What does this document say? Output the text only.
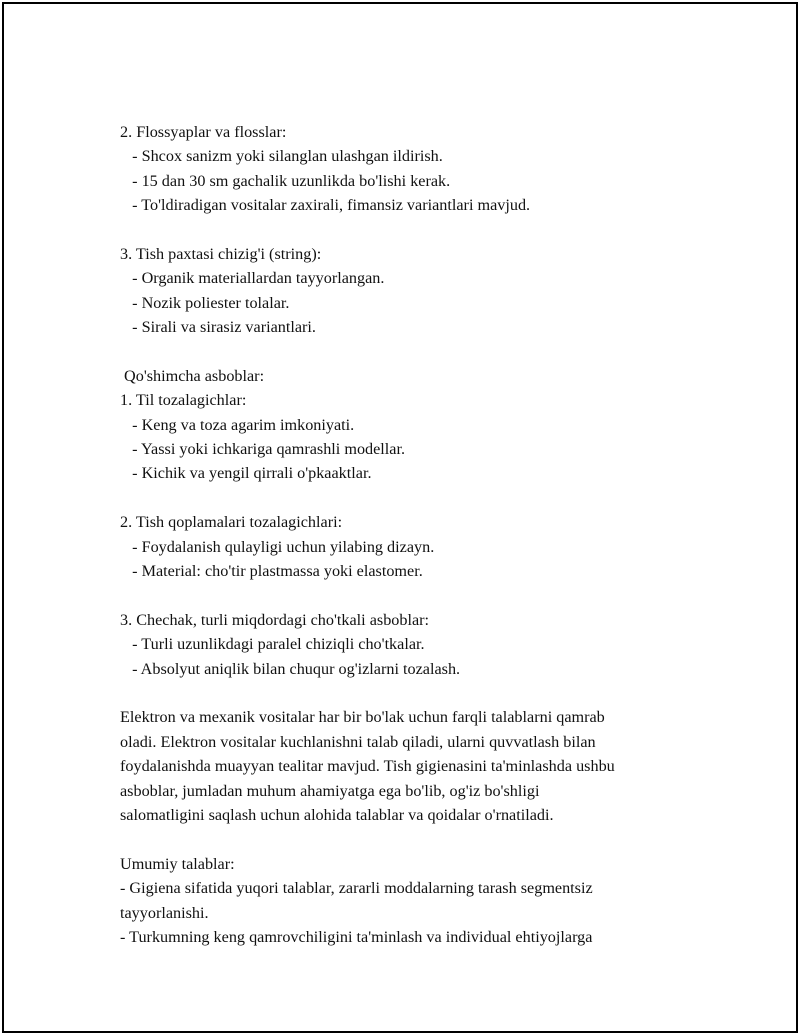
2. Flossyaplar va flosslar:
- Shcox sanizm yoki silanglan ulashgan ildirish.
- 15 dan 30 sm gachalik uzunlikda bo'lishi kerak.
- To'ldiradigan vositalar zaxirali, fimansiz variantlari mavjud.
3. Tish paxtasi chizig'i (string):
- Organik materiallardan tayyorlangan.
- Nozik poliester tolalar.
- Sirali va sirasiz variantlari.
Qo'shimcha asboblar:
1. Til tozalagichlar:
- Keng va toza agarim imkoniyati.
- Yassi yoki ichkariga qamrashli modellar.
- Kichik va yengil qirrali o'pkaaktlar.
2. Tish qoplamalari tozalagichlari:
- Foydalanish qulayligi uchun yilabing dizayn.
- Material: cho'tir plastmassa yoki elastomer.
3. Chechak, turli miqdordagi cho'tkali asboblar:
- Turli uzunlikdagi paralel chiziqli cho'tkalar.
- Absolyut aniqlik bilan chuqur og'izlarni tozalash.
Elektron va mexanik vositalar har bir bo'lak uchun farqli talablarni qamrab
oladi. Elektron vositalar kuchlanishni talab qiladi, ularni quvvatlash bilan
foydalanishda muayyan tealitar mavjud. Tish gigienasini ta'minlashda ushbu
asboblar, jumladan muhum ahamiyatga ega bo'lib, og'iz bo'shligi
salomatligini saqlash uchun alohida talablar va qoidalar o'rnatiladi.
Umumiy talablar:
- Gigiena sifatida yuqori talablar, zararli moddalarning tarash segmentsiz
tayyorlanishi.
- Turkumning keng qamrovchiligini ta'minlash va individual ehtiyojlarga
